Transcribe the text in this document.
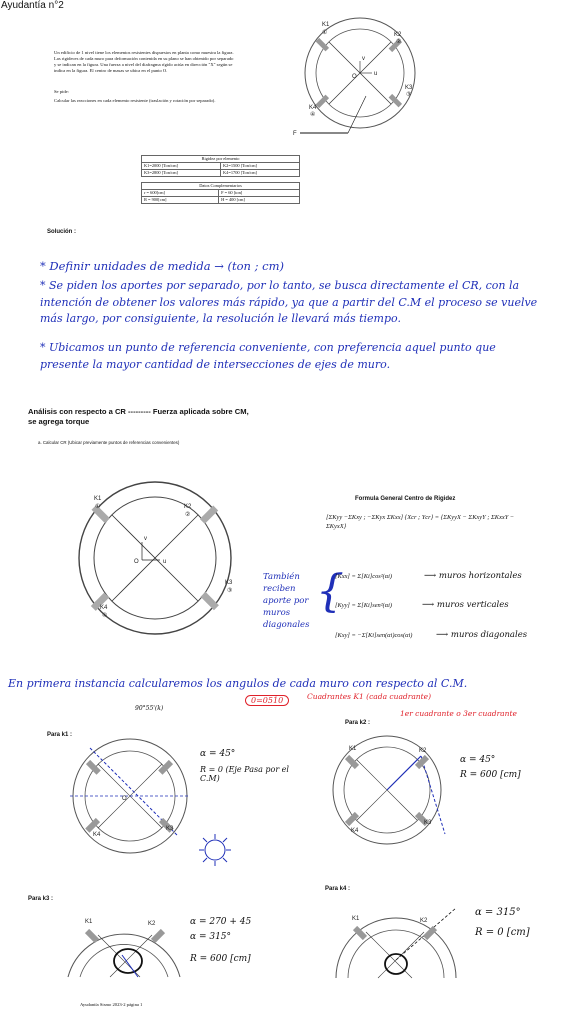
Ayudantía n°2
Un edificio de 1 nivel tiene los elementos resistentes dispuestos en planta como muestra la figura. Las rigideces de cada muro para deformación contenida en su plano se han obtenido por separado y se indican en la figura. Una fuerza a nivel del diafragma rígido actúa en dirección "X" según se indica en la figura. El centro de masas se ubica en el punto O.
Se pide:
Calcular las reacciones en cada elemento resistente (traslación y rotación por separado).
K1
①	K2
②
K3
③
K4
④
v
u
O
F
Rigidez por elemento	
K1=2000 [Ton/cm]	K2=1500 [Ton/cm]
K3=2800 [Ton/cm]	K4=1700 [Ton/cm]
Datos Complementarios	
r = 600[cm]	F = 60 [ton]
R = 900[cm]	H = 400 [cm]
Solución :
* Definir unidades de medida → (ton ; cm)
* Se piden los aportes por separado, por lo tanto, se busca directamente el CR, con la intención de obtener los valores más rápido, ya que a partir del C.M el proceso se vuelve más largo, por consiguiente, la resolución le llevará más tiempo.
* Ubicamos un punto de referencia conveniente, con preferencia aquel punto que presente la mayor cantidad de intersecciones de ejes de muro.
Análisis con respecto a CR --------- Fuerza aplicada sobre CM,
se agrega torque
a. Calcular CR (Ubicar previamente puntos de referencias convenientes)
K1
①	K2
②
K3
③
K4
④
v
u
O
También reciben aporte por muros diagonales
{
Formula General Centro de Rigidez
[ΣKyy −ΣKxy ; −ΣKyx ΣKxx] {Xcr ; Ycr} = {ΣKyyX − ΣKxyY ; ΣKxxY − ΣKyxX}
[Kxx] = Σ[Ki]cos²(αi)
[Kyy] = Σ[Ki]sen²(αi)
[Kxy] = −Σ[Ki]sen(αi)cos(αi)
⟶ muros horizontales
⟶ muros verticales
⟶ muros diagonales
En primera instancia calcularemos los angulos de cada muro con respecto al C.M.
0=0510	Cuadrantes K1 (cada cuadrante)
1er cuadrante o 3er cuadrante
90°55'(k)
Para k1 :
K3
K4
O
α = 45°
R = 0 (Eje Pasa por el C.M)
Para k2 :
K1	K2
K3
K4
α = 45°
R = 600 [cm]
Para k3 :
K1	K2	α = 270 + 45
α = 315°
R = 600 [cm]
Para k4 :
K1	K2
α = 315°
R = 0 [cm]
Ayudantía Sismo 2023-2 página 1
